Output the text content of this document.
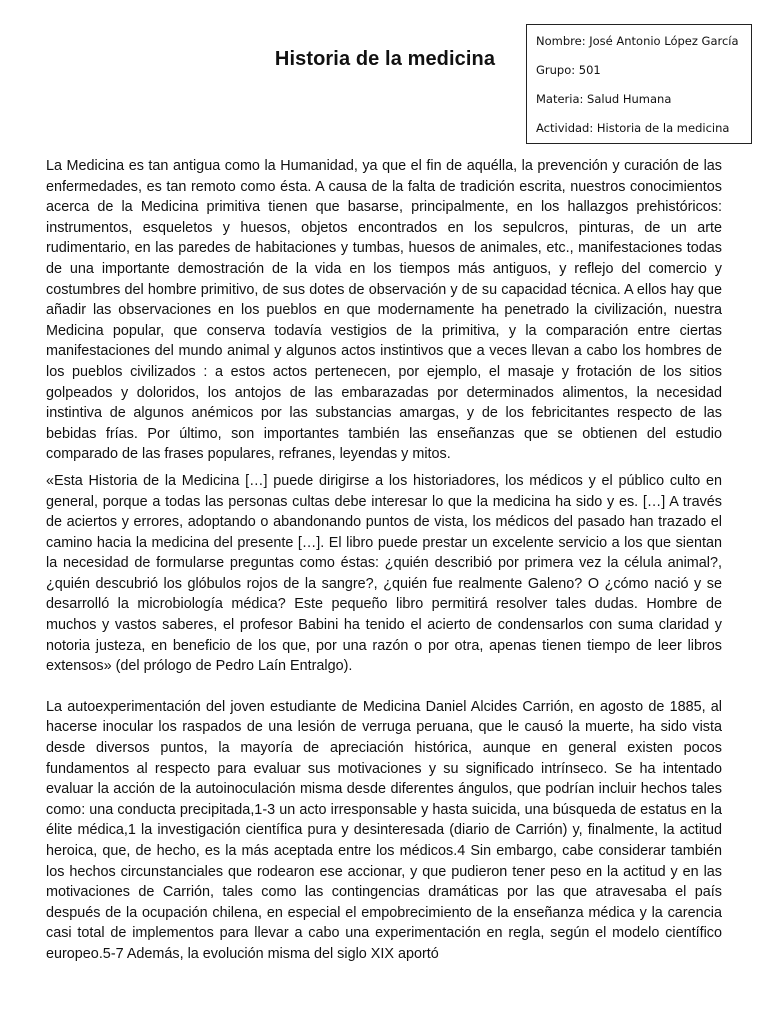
Historia de la medicina
Nombre: José Antonio López García
Grupo: 501
Materia: Salud Humana
Actividad: Historia de la medicina

La Medicina es tan antigua como la Humanidad, ya que el fin de aquélla, la prevención y curación de las enfermedades, es tan remoto como ésta. A causa de la falta de tradición escrita, nuestros conocimientos acerca de la Medicina primitiva tienen que basarse, principalmente, en los hallazgos prehistóricos: instrumentos, esqueletos y huesos, objetos encontrados en los sepulcros, pinturas, de un arte rudimentario, en las paredes de habitaciones y tumbas, huesos de animales, etc., manifestaciones todas de una importante demostración de la vida en los tiempos más antiguos, y reflejo del comercio y costumbres del hombre primitivo, de sus dotes de observación y de su capacidad técnica. A ellos hay que añadir las observaciones en los pueblos en que modernamente ha penetrado la civilización, nuestra Medicina popular, que conserva todavía vestigios de la primitiva, y la comparación entre ciertas manifestaciones del mundo animal y algunos actos instintivos que a veces llevan a cabo los hombres de los pueblos civilizados : a estos actos pertenecen, por ejemplo, el masaje y frotación de los sitios golpeados y doloridos, los antojos de las embarazadas por determinados alimentos, la necesidad instintiva de algunos anémicos por las substancias amargas, y de los febricitantes respecto de las bebidas frías. Por último, son importantes también las enseñanzas que se obtienen del estudio comparado de las frases populares, refranes, leyendas y mitos.

«Esta Historia de la Medicina […] puede dirigirse a los historiadores, los médicos y el público culto en general, porque a todas las personas cultas debe interesar lo que la medicina ha sido y es. […] A través de aciertos y errores, adoptando o abandonando puntos de vista, los médicos del pasado han trazado el camino hacia la medicina del presente […]. El libro puede prestar un excelente servicio a los que sientan la necesidad de formularse preguntas como éstas: ¿quién describió por primera vez la célula animal?, ¿quién descubrió los glóbulos rojos de la sangre?, ¿quién fue realmente Galeno? O ¿cómo nació y se desarrolló la microbiología médica? Este pequeño libro permitirá resolver tales dudas. Hombre de muchos y vastos saberes, el profesor Babini ha tenido el acierto de condensarlos con suma claridad y notoria justeza, en beneficio de los que, por una razón o por otra, apenas tienen tiempo de leer libros extensos» (del prólogo de Pedro Laín Entralgo).

La autoexperimentación del joven estudiante de Medicina Daniel Alcides Carrión, en agosto de 1885, al hacerse inocular los raspados de una lesión de verruga peruana, que le causó la muerte, ha sido vista desde diversos puntos, la mayoría de apreciación histórica, aunque en general existen pocos fundamentos al respecto para evaluar sus motivaciones y su significado intrínseco. Se ha intentado evaluar la acción de la autoinoculación misma desde diferentes ángulos, que podrían incluir hechos tales como: una conducta precipitada,1-3 un acto irresponsable y hasta suicida, una búsqueda de estatus en la élite médica,1 la investigación científica pura y desinteresada (diario de Carrión) y, finalmente, la actitud heroica, que, de hecho, es la más aceptada entre los médicos.4 Sin embargo, cabe considerar también los hechos circunstanciales que rodearon ese accionar, y que pudieron tener peso en la actitud y en las motivaciones de Carrión, tales como las contingencias dramáticas por las que atravesaba el país después de la ocupación chilena, en especial el empobrecimiento de la enseñanza médica y la carencia casi total de implementos para llevar a cabo una experimentación en regla, según el modelo científico europeo.5-7 Además, la evolución misma del siglo XIX aportó
